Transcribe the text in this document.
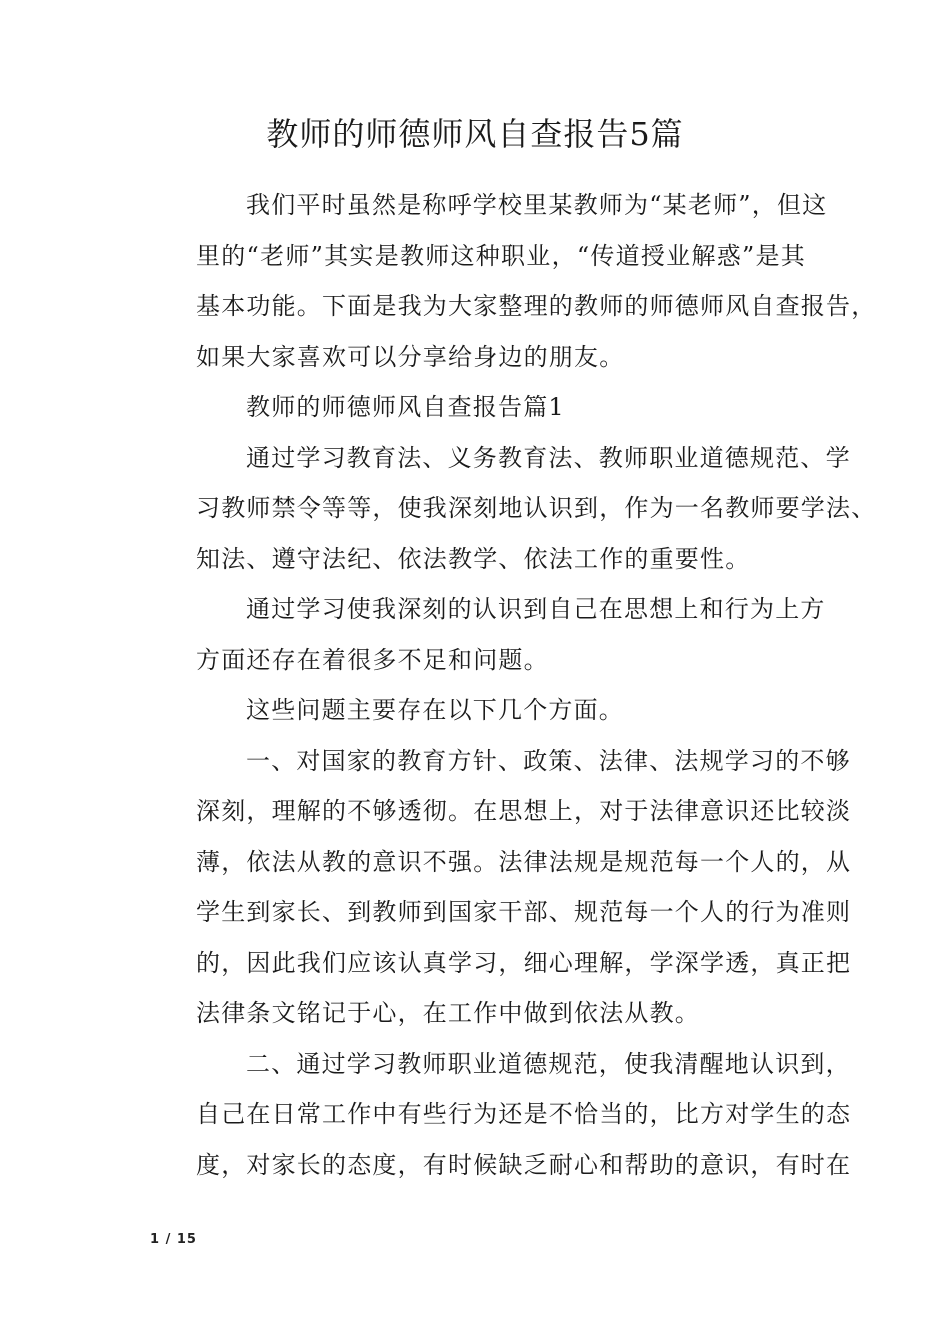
教师的师德师风自查报告5篇

我们平时虽然是称呼学校里某教师为“某老师”，但这
里的“老师”其实是教师这种职业，“传道授业解惑”是其
基本功能。下面是我为大家整理的教师的师德师风自查报告，
如果大家喜欢可以分享给身边的朋友。

教师的师德师风自查报告篇1

通过学习教育法、义务教育法、教师职业道德规范、学
习教师禁令等等，使我深刻地认识到，作为一名教师要学法、
知法、遵守法纪、依法教学、依法工作的重要性。

通过学习使我深刻的认识到自己在思想上和行为上方
方面还存在着很多不足和问题。

这些问题主要存在以下几个方面。

一、对国家的教育方针、政策、法律、法规学习的不够
深刻，理解的不够透彻。在思想上，对于法律意识还比较淡
薄，依法从教的意识不强。法律法规是规范每一个人的，从
学生到家长、到教师到国家干部、规范每一个人的行为准则
的，因此我们应该认真学习，细心理解，学深学透，真正把
法律条文铭记于心，在工作中做到依法从教。

二、通过学习教师职业道德规范，使我清醒地认识到，
自己在日常工作中有些行为还是不恰当的，比方对学生的态
度，对家长的态度，有时候缺乏耐心和帮助的意识，有时在

1 / 15
